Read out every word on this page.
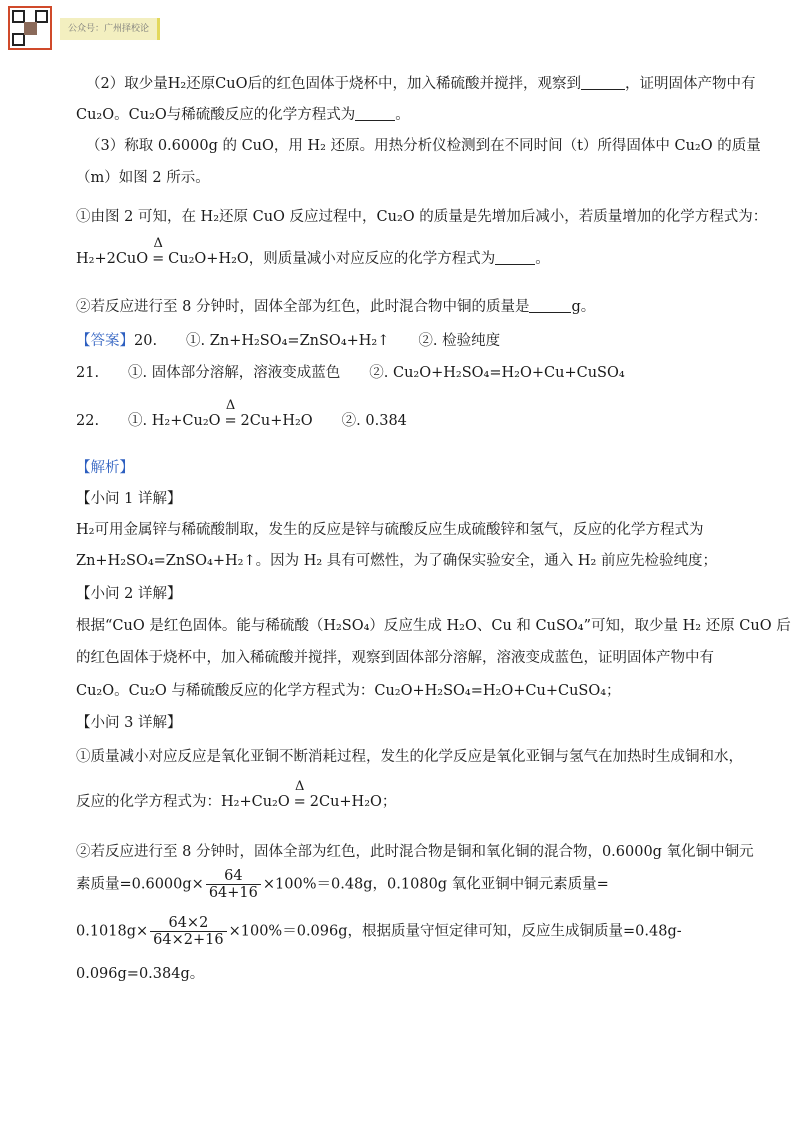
公众号：广州择校论
（2）取少量H₂还原CuO后的红色固体于烧杯中，加入稀硫酸并搅拌，观察到	，证明固体产物中有
Cu₂O。Cu₂O与稀硫酸反应的化学方程式为	。
（3）称取 0.6000g 的 CuO，用 H₂ 还原。用热分析仪检测到在不同时间（t）所得固体中 Cu₂O 的质量
（m）如图 2 所示。
①由图 2 可知，在 H₂还原 CuO 反应过程中，Cu₂O 的质量是先增加后减小，若质量增加的化学方程式为：
H₂+2CuO
Δ
= Cu₂O+H₂O，则质量减小对应反应的化学方程式为	。
②若反应进行至 8 分钟时，固体全部为红色，此时混合物中铜的质量是	g。
【答案】20.　　①. Zn+H₂SO₄=ZnSO₄+H₂↑　　②. 检验纯度
21.　　①. 固体部分溶解，溶液变成蓝色　　②. Cu₂O+H₂SO₄=H₂O+Cu+CuSO₄
22.　　①. H₂+Cu₂O
Δ
= 2Cu+H₂O　　②. 0.384
【解析】
【小问 1 详解】
H₂可用金属锌与稀硫酸制取，发生的反应是锌与硫酸反应生成硫酸锌和氢气，反应的化学方程式为
Zn+H₂SO₄=ZnSO₄+H₂↑。因为 H₂ 具有可燃性，为了确保实验安全，通入 H₂ 前应先检验纯度；
【小问 2 详解】
根据“CuO 是红色固体。能与稀硫酸（H₂SO₄）反应生成 H₂O、Cu 和 CuSO₄”可知，取少量 H₂ 还原 CuO 后
的红色固体于烧杯中，加入稀硫酸并搅拌，观察到固体部分溶解，溶液变成蓝色，证明固体产物中有
Cu₂O。Cu₂O 与稀硫酸反应的化学方程式为：Cu₂O+H₂SO₄=H₂O+Cu+CuSO₄；
【小问 3 详解】
①质量减小对应反应是氧化亚铜不断消耗过程，发生的化学反应是氧化亚铜与氢气在加热时生成铜和水，
反应的化学方程式为：H₂+Cu₂O
Δ
= 2Cu+H₂O；
②若反应进行至 8 分钟时，固体全部为红色，此时混合物是铜和氧化铜的混合物，0.6000g 氧化铜中铜元
素质量$=0.6000g\times \frac{64}{64+16} \times 100\%=0.48g$，0.1080g 氧化亚铜中铜元素质量=
$0.1018g\times \frac{64\times 2}{64\times 2+16} \times 100\%=0.096g$，根据质量守恒定律可知，反应生成铜质量=0.48g-
0.096g=0.384g。
